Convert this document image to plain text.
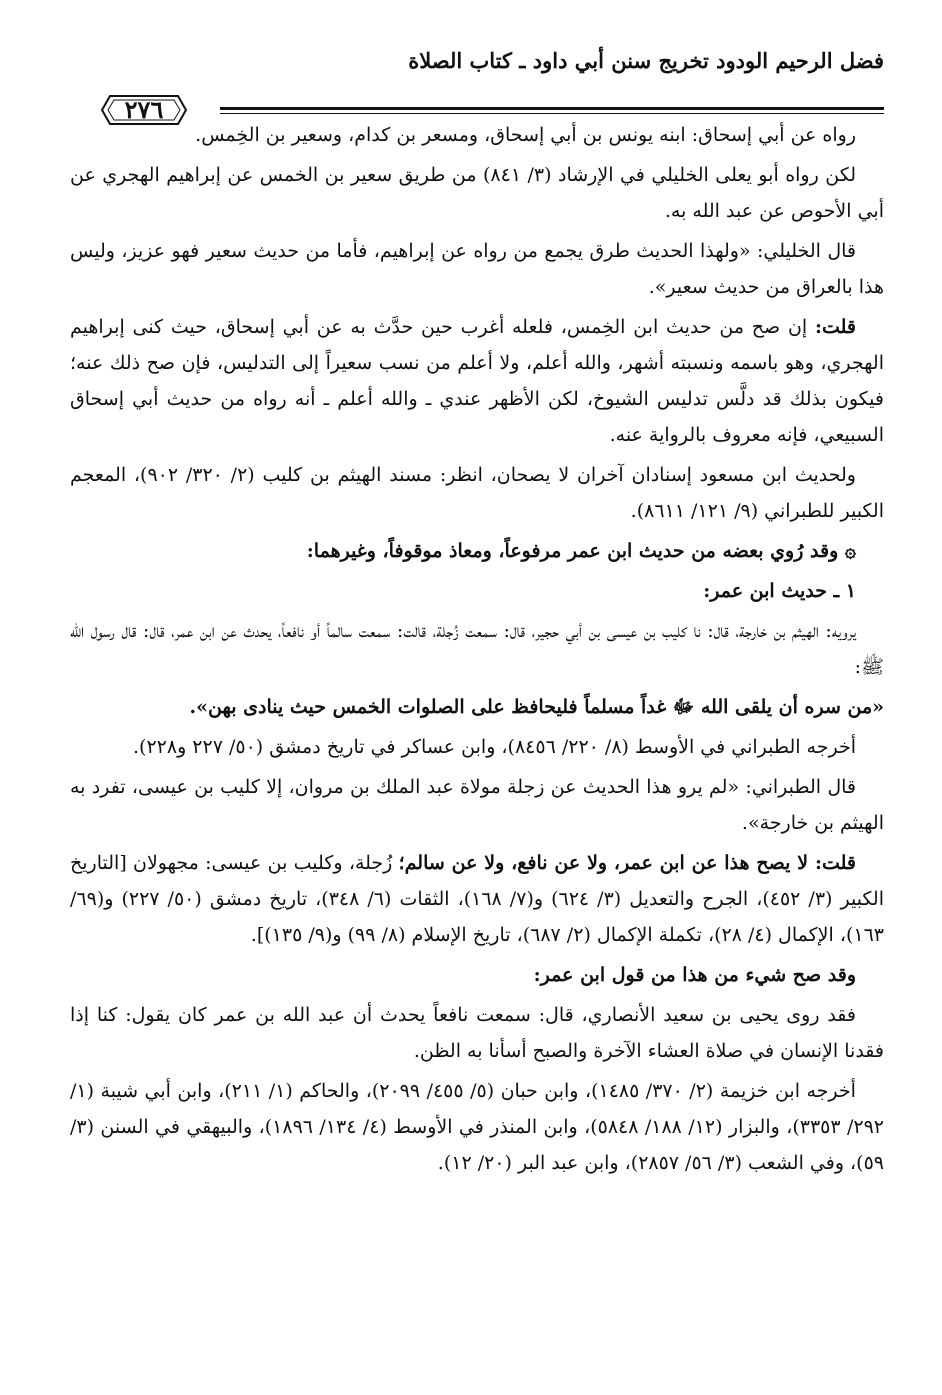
فضل الرحيم الودود تخريج سنن أبي داود ـ كتاب الصلاة
٢٧٦

رواه عن أبي إسحاق: ابنه يونس بن أبي إسحاق، ومسعر بن كدام، وسعير بن الخِمس.

لكن رواه أبو يعلى الخليلي في الإرشاد (٣/ ٨٤١) من طريق سعير بن الخمس عن إبراهيم الهجري عن أبي الأحوص عن عبد الله به.

قال الخليلي: «ولهذا الحديث طرق يجمع من رواه عن إبراهيم، فأما من حديث سعير فهو عزيز، وليس هذا بالعراق من حديث سعير».

قلت: إن صح من حديث ابن الخِمس، فلعله أغرب حين حدَّث به عن أبي إسحاق، حيث كنى إبراهيم الهجري، وهو باسمه ونسبته أشهر، والله أعلم، ولا أعلم من نسب سعيراً إلى التدليس، فإن صح ذلك عنه؛ فيكون بذلك قد دلَّس تدليس الشيوخ، لكن الأظهر عندي ـ والله أعلم ـ أنه رواه من حديث أبي إسحاق السبيعي، فإنه معروف بالرواية عنه.

ولحديث ابن مسعود إسنادان آخران لا يصحان، انظر: مسند الهيثم بن كليب (٢/ ٣٢٠/ ٩٠٢)، المعجم الكبير للطبراني (٩/ ١٢١/ ٨٦١١).

۞ وقد رُوي بعضه من حديث ابن عمر مرفوعاً، ومعاذ موقوفاً، وغيرهما:

١ ـ حديث ابن عمر:

يرويه: الهيثم بن خارجة، قال: نا كليب بن عيسى بن أبي حجير، قال: سمعت زُجلة، قالت: سمعت سالماً أو نافعاً، يحدث عن ابن عمر، قال: قال رسول الله ﷺ:

«من سره أن يلقى الله ﷻ غداً مسلماً فليحافظ على الصلوات الخمس حيث ينادى بهن».

أخرجه الطبراني في الأوسط (٨/ ٢٢٠/ ٨٤٥٦)، وابن عساكر في تاريخ دمشق (٥٠/ ٢٢٧ و٢٢٨).

قال الطبراني: «لم يرو هذا الحديث عن زجلة مولاة عبد الملك بن مروان، إلا كليب بن عيسى، تفرد به الهيثم بن خارجة».

قلت: لا يصح هذا عن ابن عمر، ولا عن نافع، ولا عن سالم؛ زُجلة، وكليب بن عيسى: مجهولان [التاريخ الكبير (٣/ ٤٥٢)، الجرح والتعديل (٣/ ٦٢٤) و(٧/ ١٦٨)، الثقات (٦/ ٣٤٨)، تاريخ دمشق (٥٠/ ٢٢٧) و(٦٩/ ١٦٣)، الإكمال (٤/ ٢٨)، تكملة الإكمال (٢/ ٦٨٧)، تاريخ الإسلام (٨/ ٩٩) و(٩/ ١٣٥)].

وقد صح شيء من هذا من قول ابن عمر:

فقد روى يحيى بن سعيد الأنصاري، قال: سمعت نافعاً يحدث أن عبد الله بن عمر كان يقول: كنا إذا فقدنا الإنسان في صلاة العشاء الآخرة والصبح أسأنا به الظن.

أخرجه ابن خزيمة (٢/ ٣٧٠/ ١٤٨٥)، وابن حبان (٥/ ٤٥٥/ ٢٠٩٩)، والحاكم (١/ ٢١١)، وابن أبي شيبة (١/ ٢٩٢/ ٣٣٥٣)، والبزار (١٢/ ١٨٨/ ٥٨٤٨)، وابن المنذر في الأوسط (٤/ ١٣٤/ ١٨٩٦)، والبيهقي في السنن (٣/ ٥٩)، وفي الشعب (٣/ ٥٦/ ٢٨٥٧)، وابن عبد البر (٢٠/ ١٢).
